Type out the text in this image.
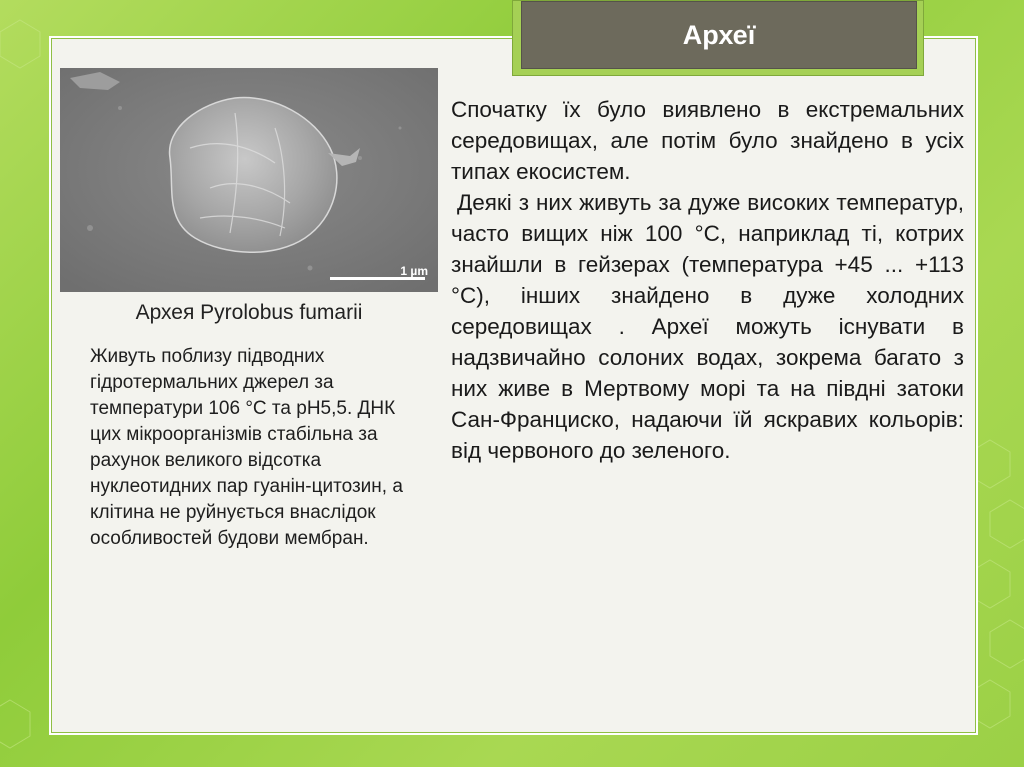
Археї
1 µm
Архея Pyrolobus fumarii
Живуть поблизу підводних гідротермальних джерел за температури 106 °С та рН5,5. ДНК цих мікроорганізмів стабільна за рахунок великого відсотка нуклеотидних пар гуанін-цитозин, а клітина не руйнується внаслідок особливостей будови мембран.

Спочатку їх було виявлено в екстремальних середовищах, але потім було знайдено в усіх типах екосистем.

Деякі з них живуть за дуже високих температур, часто вищих ніж 100 °С, наприклад ті, котрих знайшли в гейзерах (температура +45 ... +113 °С), інших знайдено в дуже холодних середовищах . Археї можуть існувати в надзвичайно солоних водах, зокрема багато з них живе в Мертвому морі та на півдні затоки Сан-Франциско, надаючи їй яскравих кольорів: від червоного до зеленого.
